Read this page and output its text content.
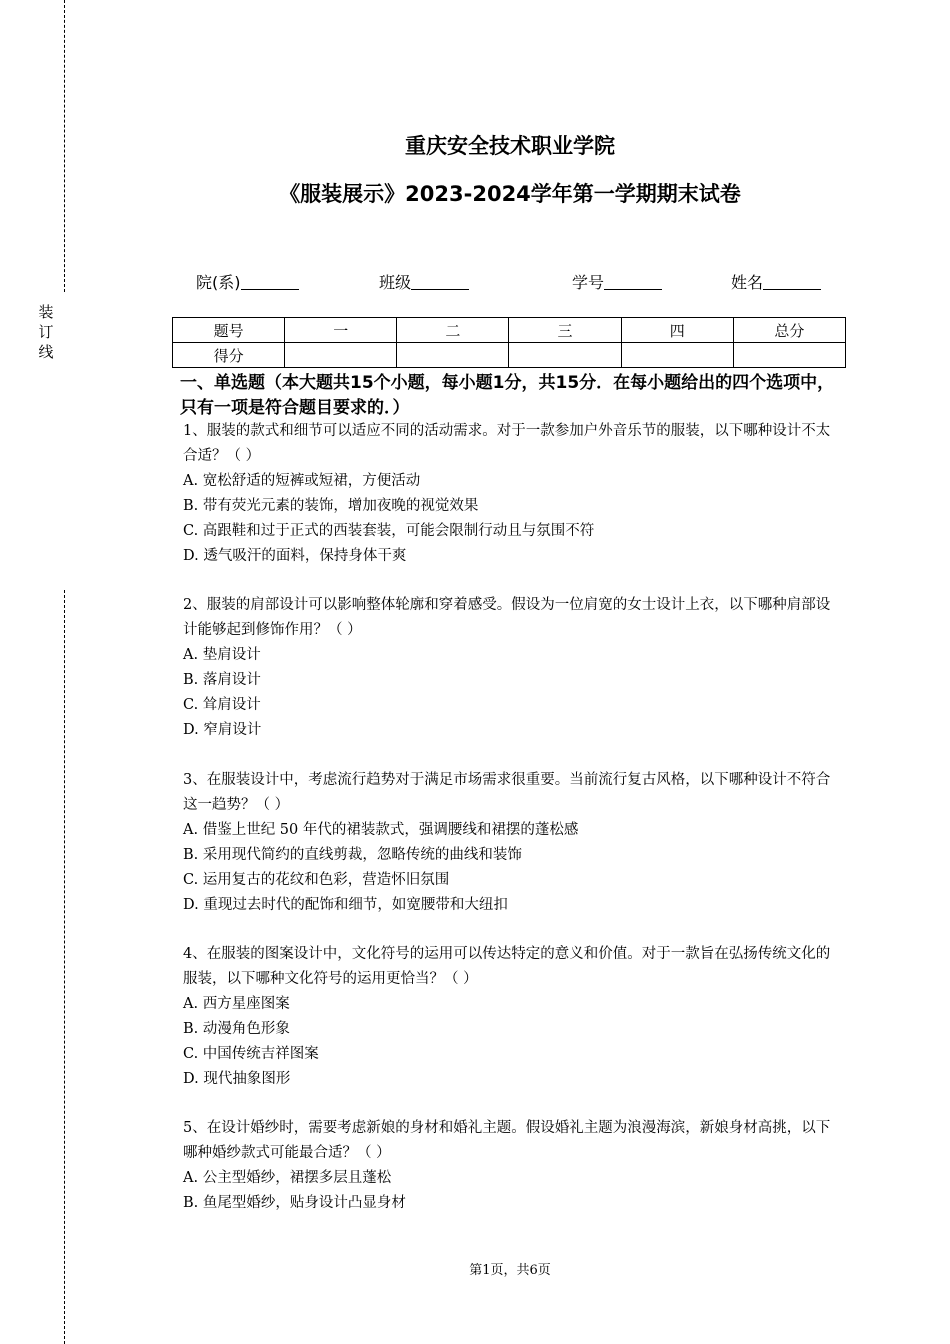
装
订
线
重庆安全技术职业学院
《服装展示》2023-2024学年第一学期期末试卷
院(系)	班级	学号	姓名
题号	一	二	三	四	总分
得分					
一、单选题（本大题共15个小题，每小题1分，共15分．在每小题给出的四个选项中，只有一项是符合题目要求的．）

1、服装的款式和细节可以适应不同的活动需求。对于一款参加户外音乐节的服装，以下哪种设计不太合适？（ ）

A. 宽松舒适的短裤或短裙，方便活动

B. 带有荧光元素的装饰，增加夜晚的视觉效果

C. 高跟鞋和过于正式的西装套装，可能会限制行动且与氛围不符

D. 透气吸汗的面料，保持身体干爽

2、服装的肩部设计可以影响整体轮廓和穿着感受。假设为一位肩宽的女士设计上衣，以下哪种肩部设计能够起到修饰作用？（ ）

A. 垫肩设计

B. 落肩设计

C. 耸肩设计

D. 窄肩设计

3、在服装设计中，考虑流行趋势对于满足市场需求很重要。当前流行复古风格，以下哪种设计不符合这一趋势？（ ）

A. 借鉴上世纪 50 年代的裙装款式，强调腰线和裙摆的蓬松感

B. 采用现代简约的直线剪裁，忽略传统的曲线和装饰

C. 运用复古的花纹和色彩，营造怀旧氛围

D. 重现过去时代的配饰和细节，如宽腰带和大纽扣

4、在服装的图案设计中，文化符号的运用可以传达特定的意义和价值。对于一款旨在弘扬传统文化的服装，以下哪种文化符号的运用更恰当？（ ）

A. 西方星座图案

B. 动漫角色形象

C. 中国传统吉祥图案

D. 现代抽象图形

5、在设计婚纱时，需要考虑新娘的身材和婚礼主题。假设婚礼主题为浪漫海滨，新娘身材高挑，以下哪种婚纱款式可能最合适？（ ）

A. 公主型婚纱，裙摆多层且蓬松

B. 鱼尾型婚纱，贴身设计凸显身材

第1页，共6页
